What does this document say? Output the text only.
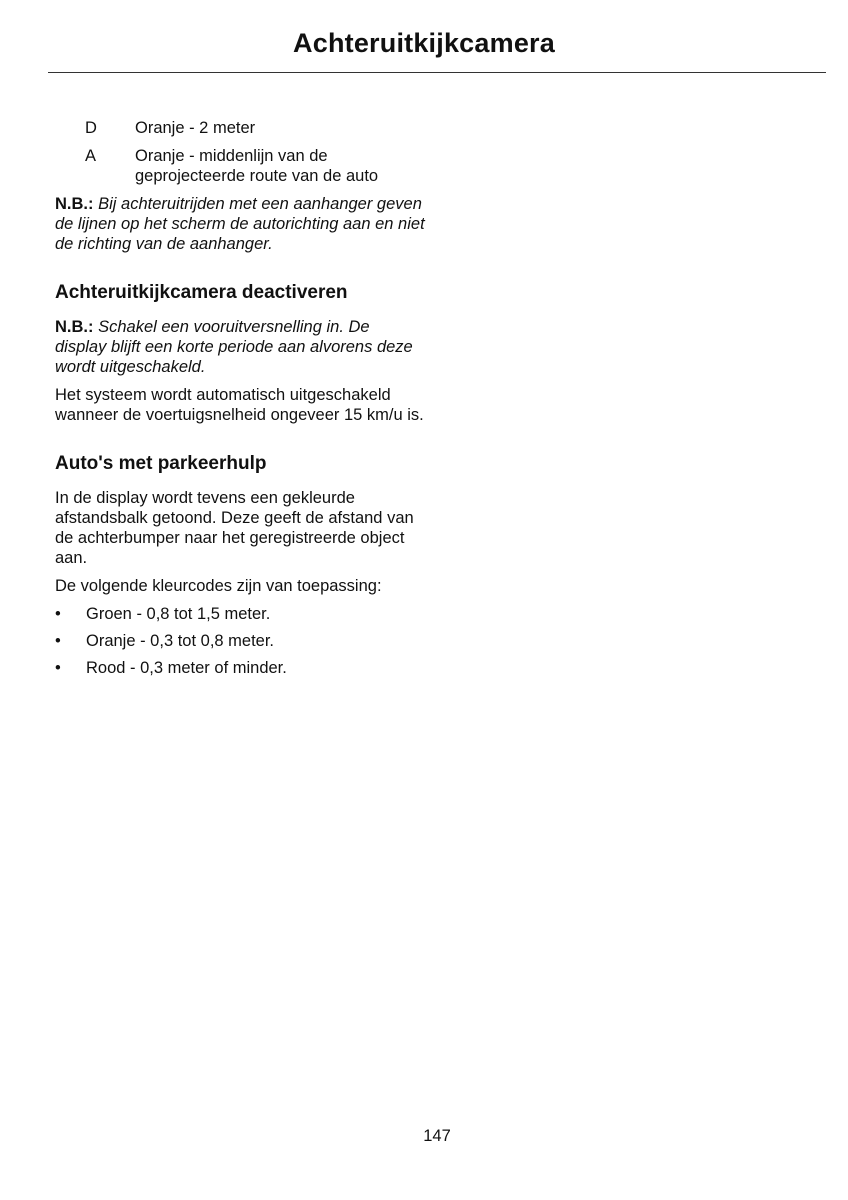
Achteruitkijkcamera
D	Oranje - 2 meter
A	Oranje - middenlijn van de geprojecteerde route van de auto
N.B.: Bij achteruitrijden met een aanhanger geven de lijnen op het scherm de autorichting aan en niet de richting van de aanhanger.
Achteruitkijkcamera deactiveren
N.B.: Schakel een vooruitversnelling in. De display blijft een korte periode aan alvorens deze wordt uitgeschakeld.
Het systeem wordt automatisch uitgeschakeld wanneer de voertuigsnelheid ongeveer 15 km/u is.
Auto's met parkeerhulp
In de display wordt tevens een gekleurde afstandsbalk getoond. Deze geeft de afstand van de achterbumper naar het geregistreerde object aan.
De volgende kleurcodes zijn van toepassing:
•	Groen - 0,8 tot 1,5 meter.
•	Oranje - 0,3 tot 0,8 meter.
•	Rood - 0,3 meter of minder.
147
